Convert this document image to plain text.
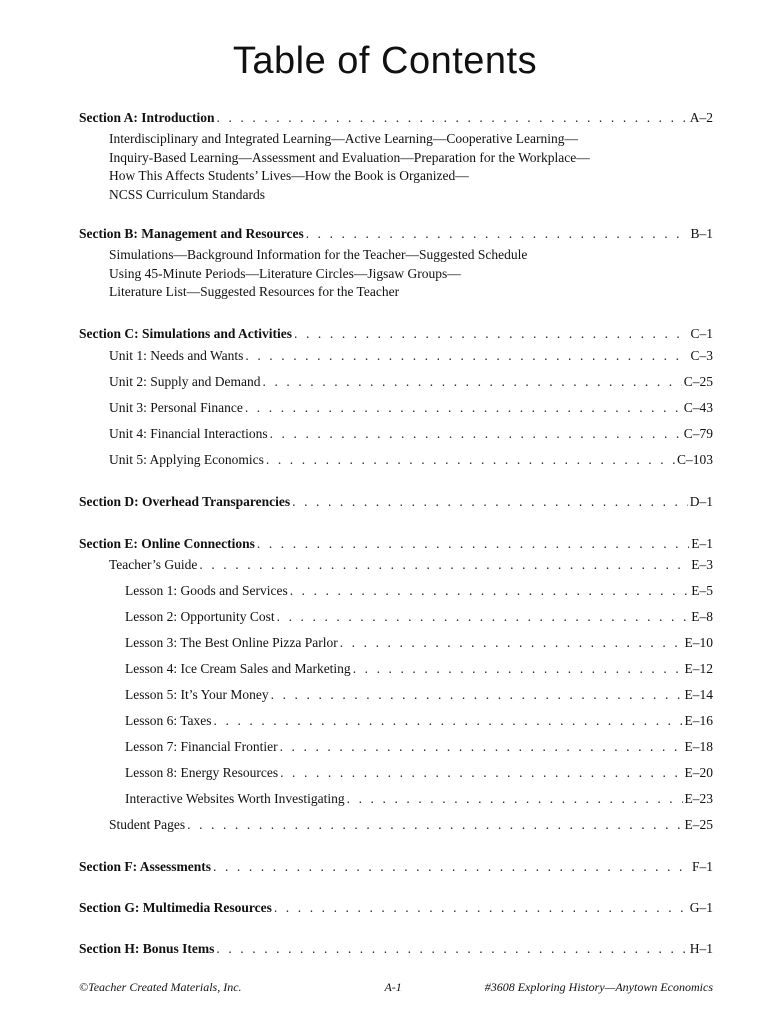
Table of Contents
Section A: Introduction . . .	A–2
Interdisciplinary and Integrated Learning—Active Learning—Cooperative Learning—
Inquiry-Based Learning—Assessment and Evaluation—Preparation for the Workplace—
How This Affects Students’ Lives—How the Book is Organized—
NCSS Curriculum Standards
Section B: Management and Resources . . .	B–1
Simulations—Background Information for the Teacher—Suggested Schedule
Using 45-Minute Periods—Literature Circles—Jigsaw Groups—
Literature List—Suggested Resources for the Teacher
Section C: Simulations and Activities . . .	C–1
Unit 1: Needs and Wants . . .	C–3
Unit 2: Supply and Demand . . .	C–25
Unit 3: Personal Finance . . .	C–43
Unit 4: Financial Interactions . . .	C–79
Unit 5: Applying Economics . . .	C–103
Section D: Overhead Transparencies . . .	D–1
Section E: Online Connections . . .	E–1
Teacher’s Guide . . .	E–3
Lesson 1: Goods and Services . . .	E–5
Lesson 2: Opportunity Cost . . .	E–8
Lesson 3: The Best Online Pizza Parlor . . .	E–10
Lesson 4: Ice Cream Sales and Marketing . . .	E–12
Lesson 5: It’s Your Money . . .	E–14
Lesson 6: Taxes . . .	E–16
Lesson 7: Financial Frontier . . .	E–18
Lesson 8: Energy Resources . . .	E–20
Interactive Websites Worth Investigating . . .	E–23
Student Pages . . .	E–25
Section F: Assessments . . .	F–1
Section G: Multimedia Resources . . .	G–1
Section H: Bonus Items . . .	H–1
©Teacher Created Materials, Inc.	A-1	#3608 Exploring History—Anytown Economics
